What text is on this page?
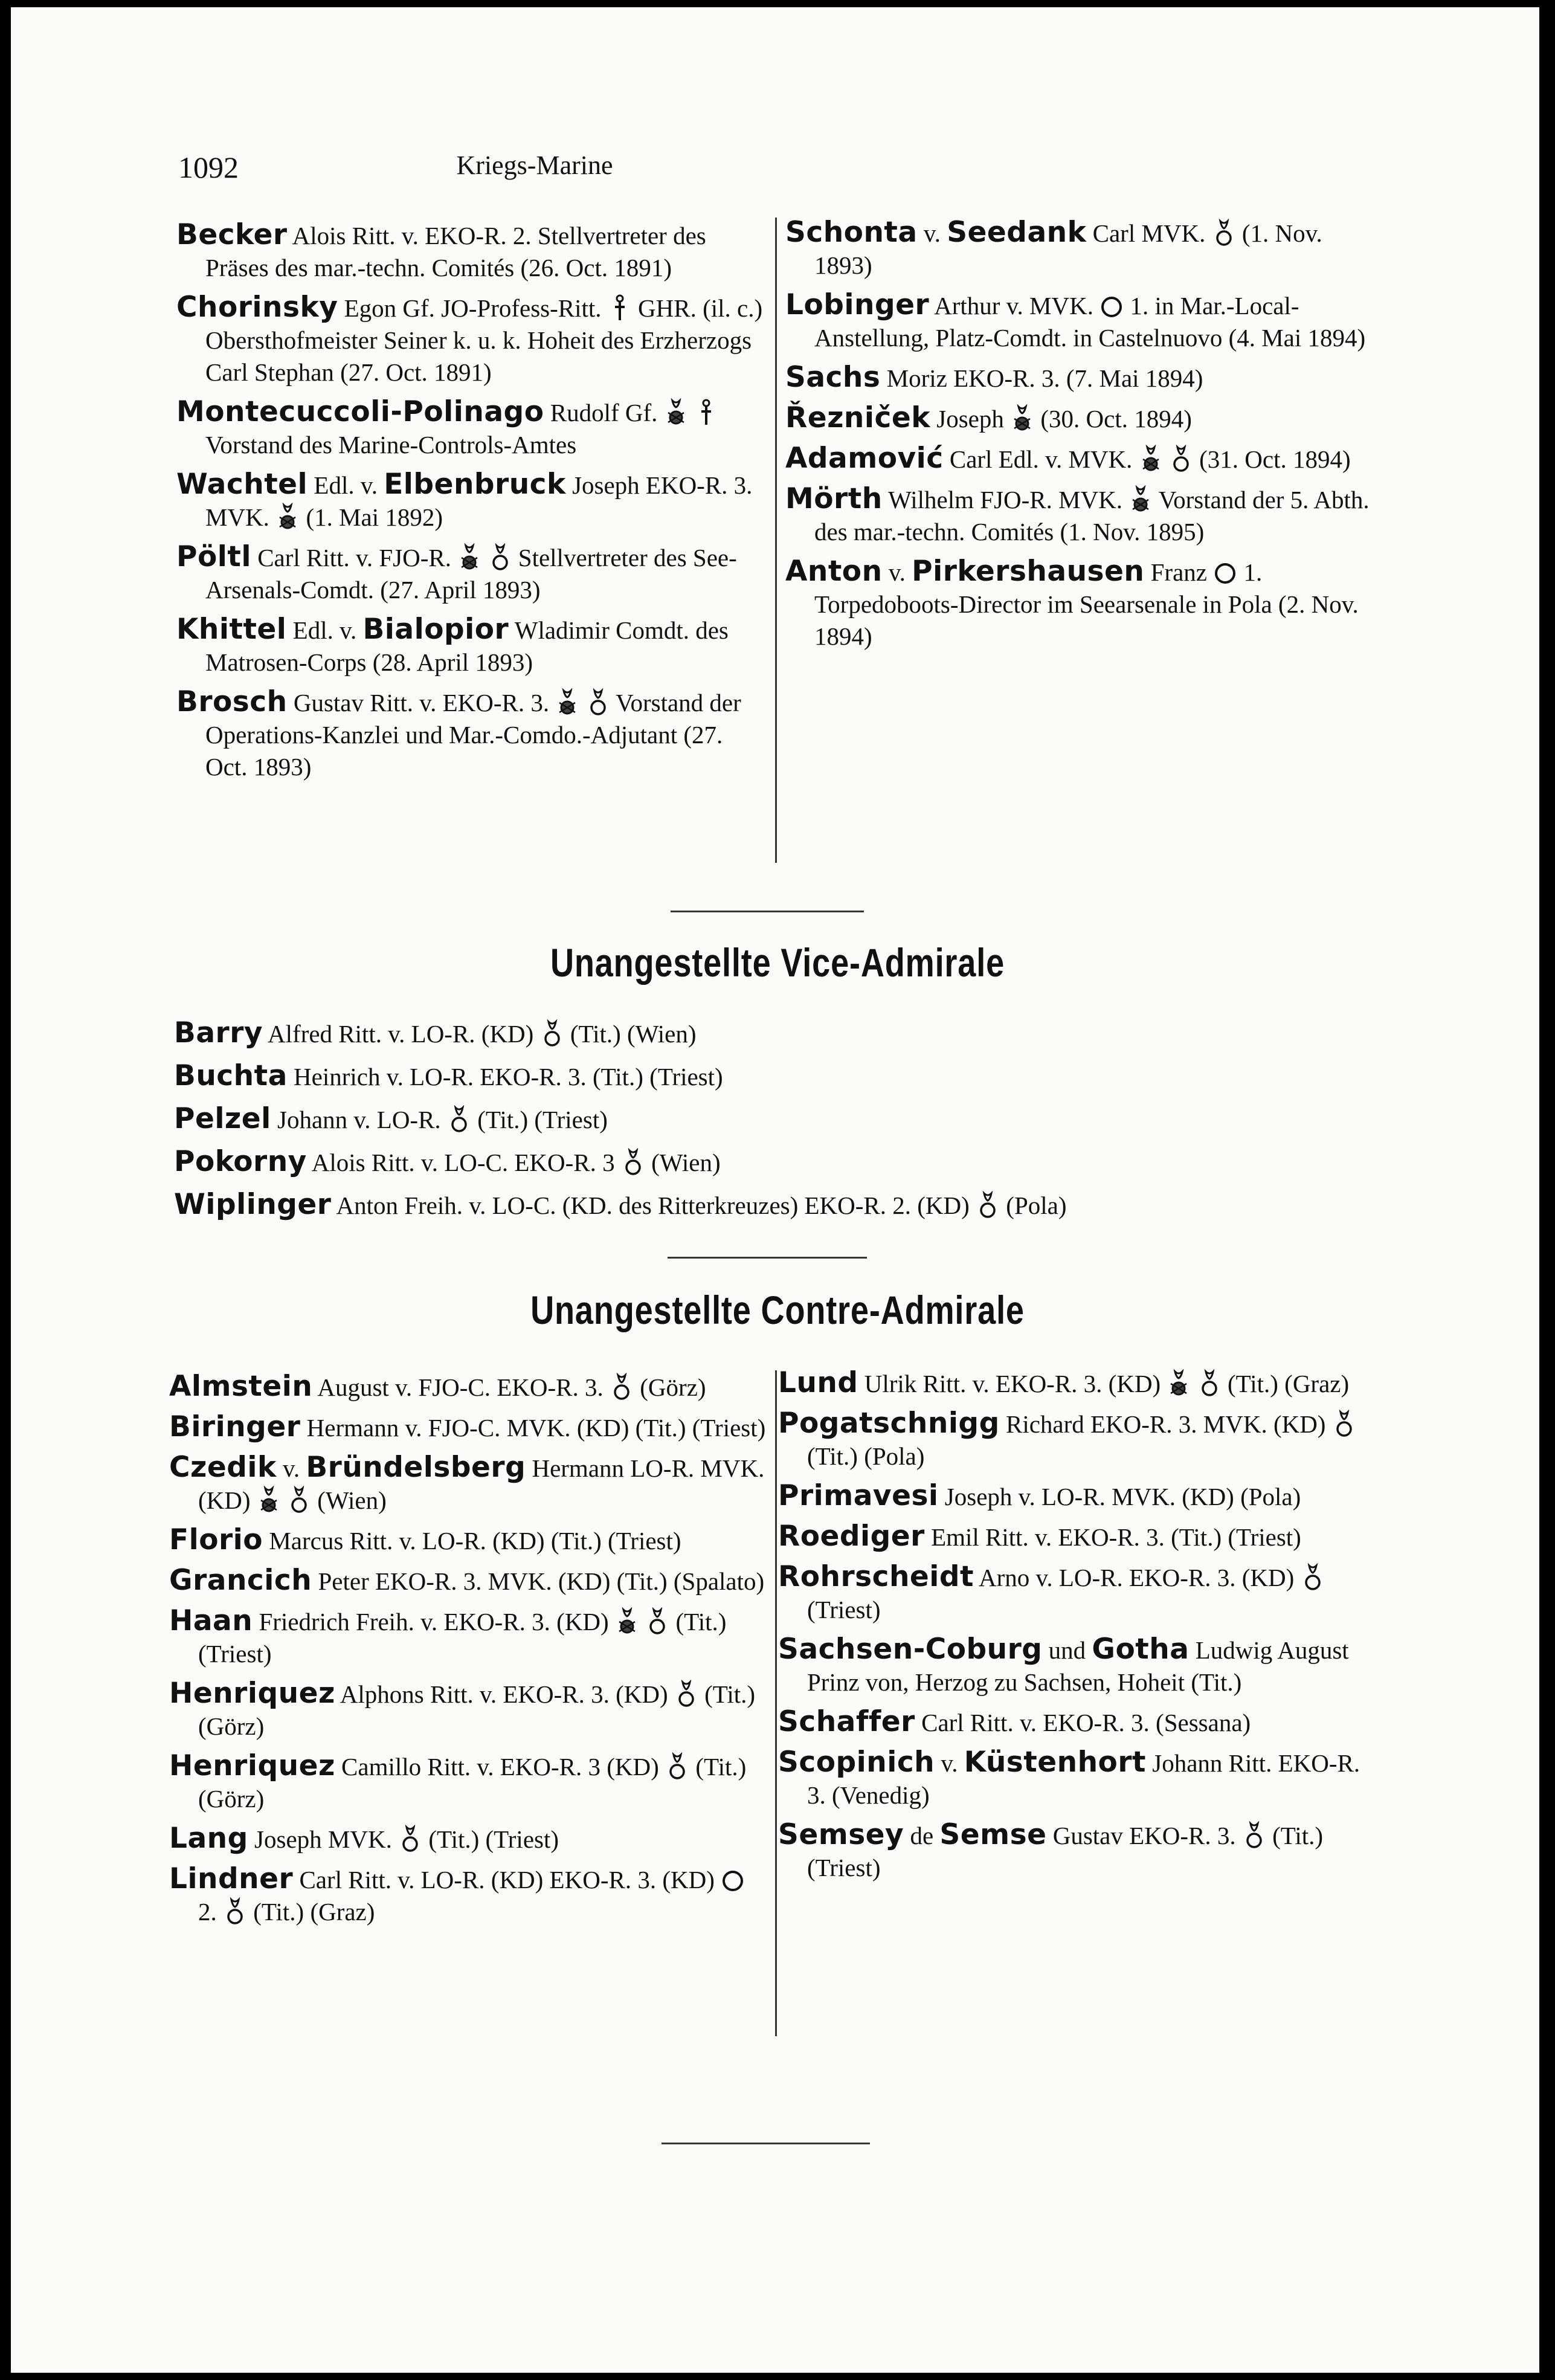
1092	Kriegs-Marine

Becker Alois Ritt. v. EKO-R. 2. Stellvertreter des Präses des mar.-techn. Comités (26. Oct. 1891)

Chorinsky Egon Gf. JO-Profess-Ritt.  GHR. (il. c.) Obersthofmeister Seiner k. u. k. Hoheit des Erzherzogs Carl Stephan (27. Oct. 1891)

Montecuccoli-Polinago Rudolf Gf.   Vorstand des Marine-Controls-Amtes

Wachtel Edl. v. Elbenbruck Joseph EKO-R. 3. MVK.  (1. Mai 1892)

Pöltl Carl Ritt. v. FJO-R.   Stellvertreter des See-Arsenals-Comdt. (27. April 1893)

Khittel Edl. v. Bialopior Wladimir Comdt. des Matrosen-Corps (28. April 1893)

Brosch Gustav Ritt. v. EKO-R. 3.   Vorstand der Operations-Kanzlei und Mar.-Comdo.-Adjutant (27. Oct. 1893)

Schonta v. Seedank Carl MVK.  (1. Nov. 1893)

Lobinger Arthur v. MVK.  1. in Mar.-Local-Anstellung, Platz-Comdt. in Castelnuovo (4. Mai 1894)

Sachs Moriz EKO-R. 3. (7. Mai 1894)

Řezniček Joseph  (30. Oct. 1894)

Adamović Carl Edl. v. MVK.   (31. Oct. 1894)

Mörth Wilhelm FJO-R. MVK.  Vorstand der 5. Abth. des mar.-techn. Comités (1. Nov. 1895)

Anton v. Pirkershausen Franz  1. Torpedoboots-Director im Seearsenale in Pola (2. Nov. 1894)

Unangestellte Vice-Admirale

Barry Alfred Ritt. v. LO-R. (KD)  (Tit.) (Wien)

Buchta Heinrich v. LO-R. EKO-R. 3. (Tit.) (Triest)

Pelzel Johann v. LO-R.  (Tit.) (Triest)

Pokorny Alois Ritt. v. LO-C. EKO-R. 3  (Wien)

Wiplinger Anton Freih. v. LO-C. (KD. des Ritterkreuzes) EKO-R. 2. (KD)  (Pola)

Unangestellte Contre-Admirale

Almstein August v. FJO-C. EKO-R. 3.  (Görz)

Biringer Hermann v. FJO-C. MVK. (KD) (Tit.) (Triest)

Czedik v. Bründelsberg Hermann LO-R. MVK. (KD)   (Wien)

Florio Marcus Ritt. v. LO-R. (KD) (Tit.) (Triest)

Grancich Peter EKO-R. 3. MVK. (KD) (Tit.) (Spalato)

Haan Friedrich Freih. v. EKO-R. 3. (KD)   (Tit.) (Triest)

Henriquez Alphons Ritt. v. EKO-R. 3. (KD)  (Tit.) (Görz)

Henriquez Camillo Ritt. v. EKO-R. 3 (KD)  (Tit.) (Görz)

Lang Joseph MVK.  (Tit.) (Triest)

Lindner Carl Ritt. v. LO-R. (KD) EKO-R. 3. (KD)  2.  (Tit.) (Graz)

Lund Ulrik Ritt. v. EKO-R. 3. (KD)   (Tit.) (Graz)

Pogatschnigg Richard EKO-R. 3. MVK. (KD)  (Tit.) (Pola)

Primavesi Joseph v. LO-R. MVK. (KD) (Pola)

Roediger Emil Ritt. v. EKO-R. 3. (Tit.) (Triest)

Rohrscheidt Arno v. LO-R. EKO-R. 3. (KD)  (Triest)

Sachsen-Coburg und Gotha Ludwig August Prinz von, Herzog zu Sachsen, Hoheit (Tit.)

Schaffer Carl Ritt. v. EKO-R. 3. (Sessana)

Scopinich v. Küstenhort Johann Ritt. EKO-R. 3. (Venedig)

Semsey de Semse Gustav EKO-R. 3.  (Tit.) (Triest)
